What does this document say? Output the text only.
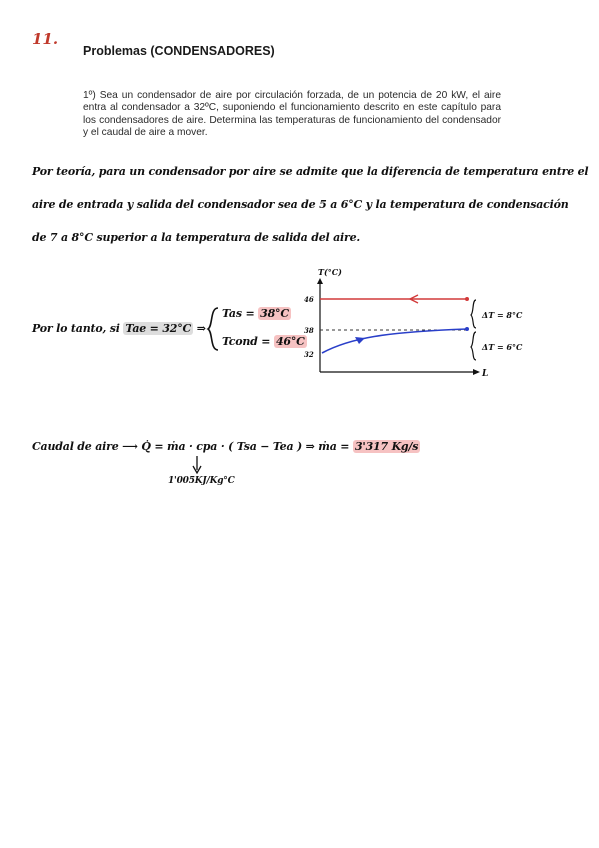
11.
Problemas (CONDENSADORES)
1º) Sea un condensador de aire por circulación forzada, de un potencia de 20 kW, el aire entra al condensador a 32ºC, suponiendo el funcionamiento descrito en este capítulo para los condensadores de aire. Determina las temperaturas de funcionamiento del condensador y el caudal de aire a mover.
Por teoría, para un condensador por aire se admite que la diferencia de temperatura entre el
aire de entrada y salida del condensador sea de 5 a 6°C y la temperatura de condensación
de 7 a 8°C superior a la temperatura de salida del aire.
Por lo tanto, si Tae = 32°C ⇒
Tas = 38°C
Tcond = 46°C
T(°C)
L
46
38
32
ΔT = 8°C
ΔT = 6°C
Caudal de aire ⟶ Q̇ = ṁa · cpa · ( Tsa − Tea ) ⇒ ṁa = 3'317 Kg/s
1'005KJ/Kg°C
